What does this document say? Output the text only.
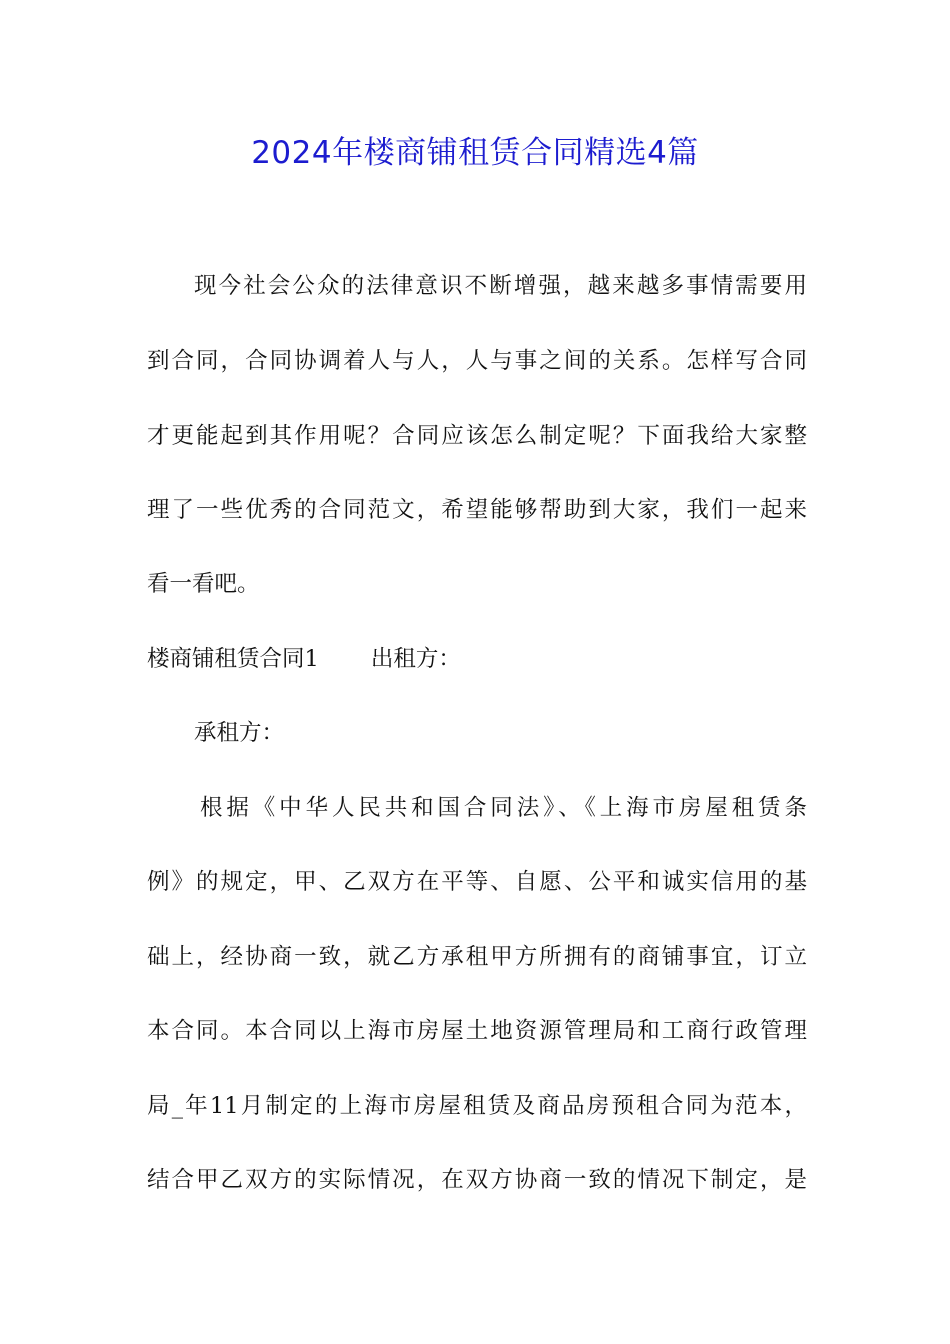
2024年楼商铺租赁合同精选4篇
现今社会公众的法律意识不断增强，越来越多事情需要用
到合同，合同协调着人与人，人与事之间的关系。怎样写合同
才更能起到其作用呢？合同应该怎么制定呢？下面我给大家整
理了一些优秀的合同范文，希望能够帮助到大家，我们一起来
看一看吧。
楼商铺租赁合同1 出租方：
承租方：
根据《中华人民共和国合同法》、《上海市房屋租赁条
例》的规定，甲、乙双方在平等、自愿、公平和诚实信用的基
础上，经协商一致，就乙方承租甲方所拥有的商铺事宜，订立
本合同。本合同以上海市房屋土地资源管理局和工商行政管理
局_年11月制定的上海市房屋租赁及商品房预租合同为范本，
结合甲乙双方的实际情况，在双方协商一致的情况下制定，是
